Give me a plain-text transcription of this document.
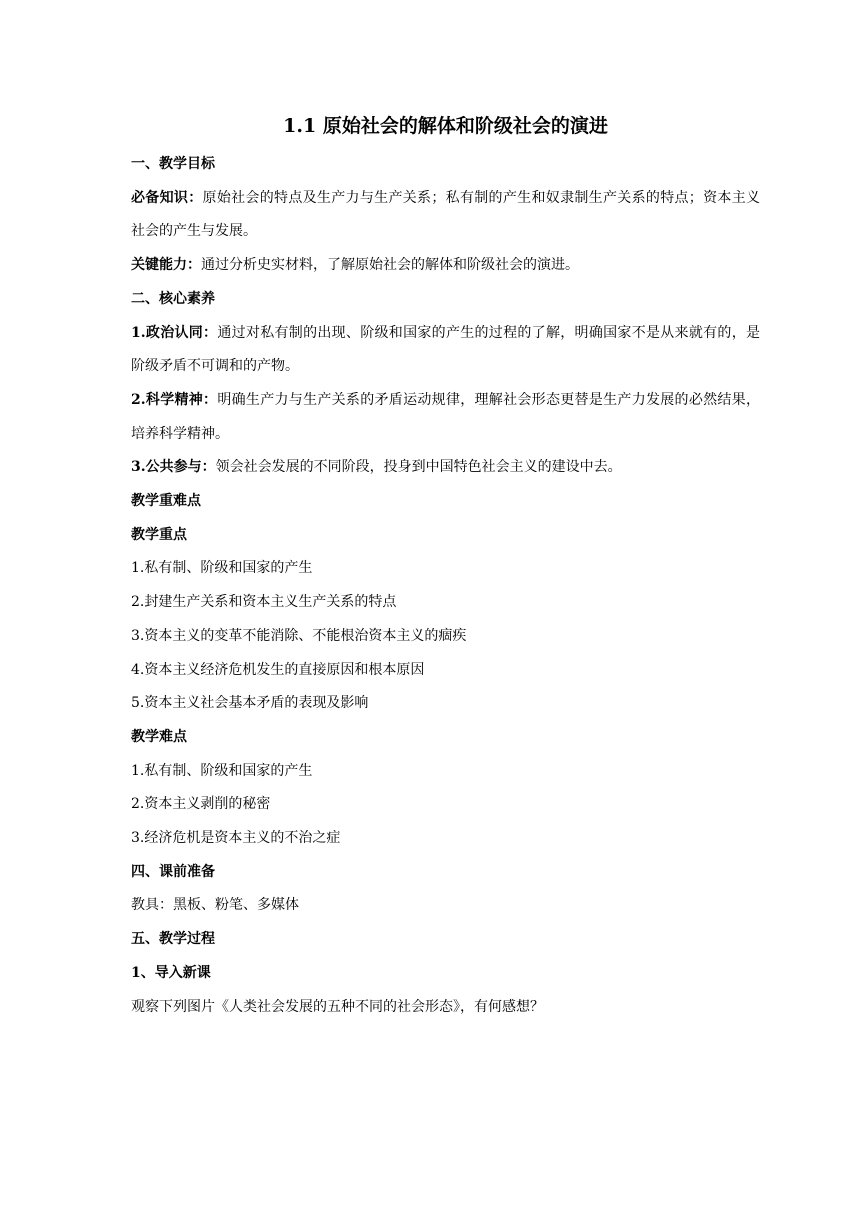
1.1 原始社会的解体和阶级社会的演进

一、教学目标

必备知识：原始社会的特点及生产力与生产关系；私有制的产生和奴隶制生产关系的特点；资本主义社会的产生与发展。

关键能力：通过分析史实材料，了解原始社会的解体和阶级社会的演进。

二、核心素养

1.政治认同：通过对私有制的出现、阶级和国家的产生的过程的了解，明确国家不是从来就有的，是阶级矛盾不可调和的产物。

2.科学精神：明确生产力与生产关系的矛盾运动规律，理解社会形态更替是生产力发展的必然结果，培养科学精神。

3.公共参与：领会社会发展的不同阶段，投身到中国特色社会主义的建设中去。

教学重难点

教学重点

1.私有制、阶级和国家的产生

2.封建生产关系和资本主义生产关系的特点

3.资本主义的变革不能消除、不能根治资本主义的痼疾

4.资本主义经济危机发生的直接原因和根本原因

5.资本主义社会基本矛盾的表现及影响

教学难点

1.私有制、阶级和国家的产生

2.资本主义剥削的秘密

3.经济危机是资本主义的不治之症

四、课前准备

教具：黑板、粉笔、多媒体

五、教学过程

1、导入新课

观察下列图片《人类社会发展的五种不同的社会形态》，有何感想？
